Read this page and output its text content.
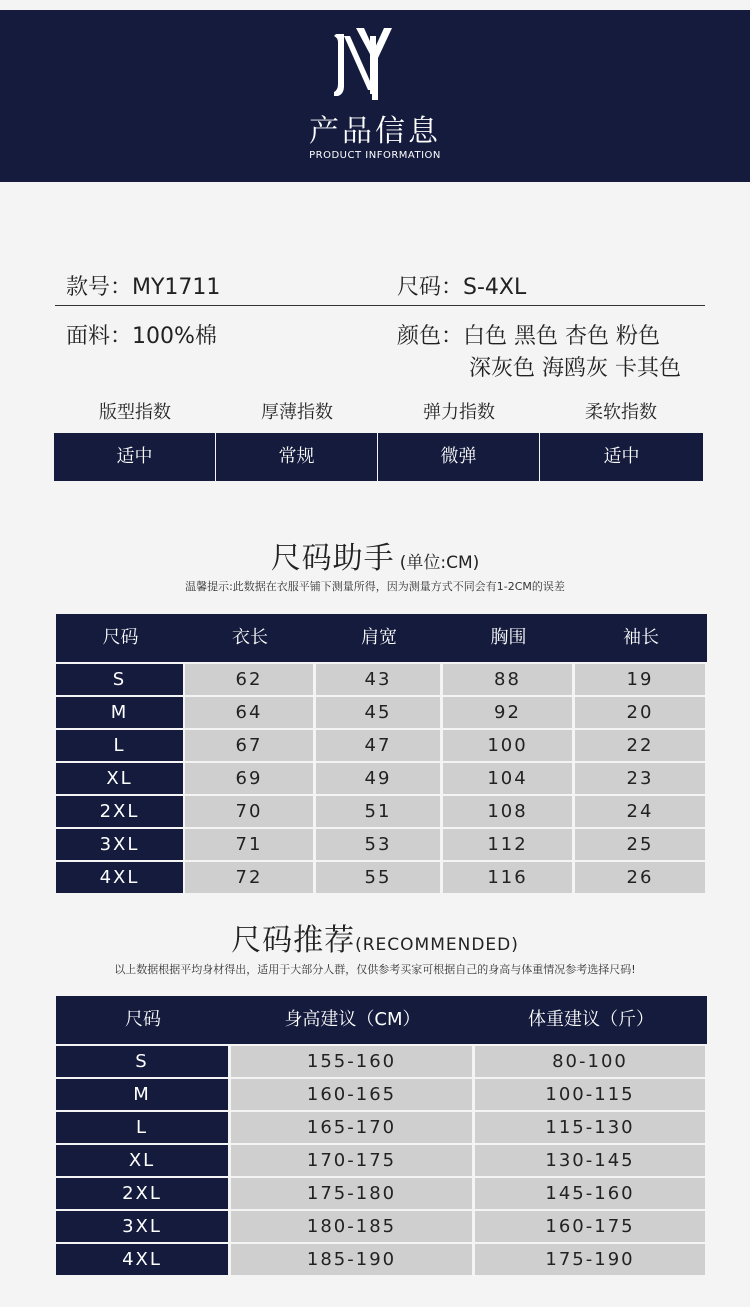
产品信息
PRODUCT INFORMATION
款号：MY1711	尺码：S-4XL
面料：100%棉	颜色：白色 黑色 杏色 粉色
深灰色 海鸥灰 卡其色
版型指数	厚薄指数	弹力指数	柔软指数
适中	常规	微弹	适中
尺码助手 (单位:CM)
温馨提示:此数据在衣服平铺下测量所得，因为测量方式不同会有1-2CM的误差
尺码	衣长	肩宽	胸围	袖长
S	62	43	88	19
M	64	45	92	20
L	67	47	100	22
XL	69	49	104	23
2XL	70	51	108	24
3XL	71	53	112	25
4XL	72	55	116	26
尺码推荐(RECOMMENDED)
以上数据根据平均身材得出，适用于大部分人群，仅供参考买家可根据自己的身高与体重情况参考选择尺码!
尺码	身高建议（CM）	体重建议（斤）
S	155-160	80-100
M	160-165	100-115
L	165-170	115-130
XL	170-175	130-145
2XL	175-180	145-160
3XL	180-185	160-175
4XL	185-190	175-190
